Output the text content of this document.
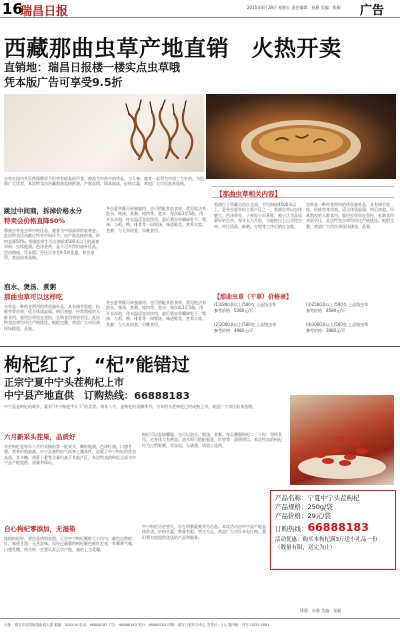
16
瑞昌日报	2015年8月28日 星期五 责任编辑：孙静 美编：张颖 广告
西藏那曲虫草产地直销　火热开卖
直销地：瑞昌日报楼一楼实点虫草哦
凭本版广告可享受9.5折
虫草在国内外医药保健界不但享有极高的声誉，被视为中药中的珍品，与人参、鹿茸一起列为中国三大补药。为回馈广大读者，本次特卖由西藏那曲直接供货，产地直销，保真保质，价格实惠，欢迎广大市民前来选购。
跳过中间商，拆掉价格水分
特卖会价格直降50%
那曲虫草是虫草中的佳品，被誉为中国高原的软黄金。此次特卖活动跳过所有中间环节，由产地直接供货，价格直降50%。那曲虫草生长在海拔4500米以上的高寒草甸，虫体饱满，色泽金黄，是不可多得的滋补佳品。活动期间，凭本版广告还可享受9.5折优惠，机会难得，欢迎前来选购。
冬虫夏草既可单独服用，也可搭配其他食材，常见吃法有泡水、煲汤、煮粥、炖肉等。泡水：每次取3至5根，用开水冲泡，待水温适宜时饮用，最后将虫草嚼碎吃下。煲汤：与鸡、鸭、排骨等一同煲汤，味道鲜美，营养丰富。煮粥：与大米同煮，早晚食用。
泡水、煲汤、煮粥
那曲虫草可以这样吃
虫草是一种药食两用的珍贵滋补品，具有调节免疫、抗疲劳等功效，适合体质虚弱、病后初愈、经常熬夜的人群食用。服用虫草贵在坚持，长期食用效果更佳。此次特卖虫草均经过严格挑选，根根完整，欢迎广大市民到现场挑选、品鉴。
冬虫夏草既可单独服用，也可搭配其他食材，常见吃法有泡水、煲汤、煮粥、炖肉等。泡水：每次取3至5根，用开水冲泡，待水温适宜时饮用，最后将虫草嚼碎吃下。煲汤：与鸡、鸭、排骨等一同煲汤，味道鲜美，营养丰富。煮粥：与大米同煮，早晚食用。
【那曲虫草相关内容】
那曲位于西藏自治区北部，平均海拔4500米以上，是冬虫夏草的主要产区之一。那曲虫草以虫体肥大、色泽黄亮、子座短小而著称，被公认为品质最好的虫草。每年五六月间，当地牧民上山采挖虫草，经过清洗、晾晒、分级等工序后销往各地。
虫草是一种药食两用的珍贵滋补品，具有调节免疫、抗疲劳等功效，适合体质虚弱、病后初愈、经常熬夜的人群食用。服用虫草贵在坚持，长期食用效果更佳。此次特卖虫草均经过严格挑选，根根完整，欢迎广大市民到现场挑选、品鉴。
【那曲虫草（干草）价格表】
(1)1800条以上/500克 上品级虫草
参考价格：5380元/斤
(2)2000条以上/500克 上品级虫草
参考价格：4980元/斤
(3)2500条以上/500克 上品级虫草
参考价格：4580元/斤
(4)3000条以上/500克 上品级虫草
参考价格：3980元/斤
枸杞红了，“杞”能错过
正宗宁夏中宁头茬枸杞上市
中宁县产地直供　订购热线：66888183
中宁县是枸杞的故乡，素有“中宁枸杞甲天下”的美誉。每年八月，是枸杞的采摘季节，今年的头茬枸杞已经成熟上市，欢迎广大市民前来选购。
六月新采头茬果，品质好
头茬枸杞是每年六月份采摘的第一批果实，颗粒饱满，色泽红润，口感甘甜，营养价值最高。中宁县独特的气候和土壤条件，造就了中宁枸杞的优良品质，其多糖、胡萝卜素等含量均高于其他产区。本次特卖的枸杞全部为中宁县产地直供，质量有保证。
枸杞可以直接嚼服，也可以泡水、煲汤、煮粥。每天嚼服枸杞二三十粒，坚持食用，对身体大有裨益。泡水时可搭配菊花、红枣等，清热明目。本次特卖的枸杞均为自然晾晒，零添加，无硫熏，请放心选购。
自心枸杞零添加，无湿染
选购枸杞时，要注意辨别真假。正宗中宁枸杞颗粒大小均匀，颜色自然暗红，味道甘甜，无苦涩味。而经过硫熏的枸杞颜色鲜红发亮，有刺鼻气味，口感发酸。购买时一定要认准正宗产地，谨防上当受骗。
中宁枸杞历史悠久，早在明朝就被列为贡品。本次活动由中宁县产地直接供货，价格实惠，数量有限，售完为止。欢迎广大市民来电订购，我们将为您提供优质的产品和服务。
产品名称：宁夏中宁头茬枸杞
产品规格：250g/袋
产品价格：29元/袋
订购热线：66888183
活动优惠：购买本枸杞满3斤送小礼品一份
（数量有限，送完为止）
排版：孙静 美编：张颖
社址：瑞安市安阳街道新城大道 邮编：325200 电话：66888183 广告：66888183 发行：66888183 印刷：瑞安日报印务中心 零售价：1元 国内统一刊号 CN33-0081
